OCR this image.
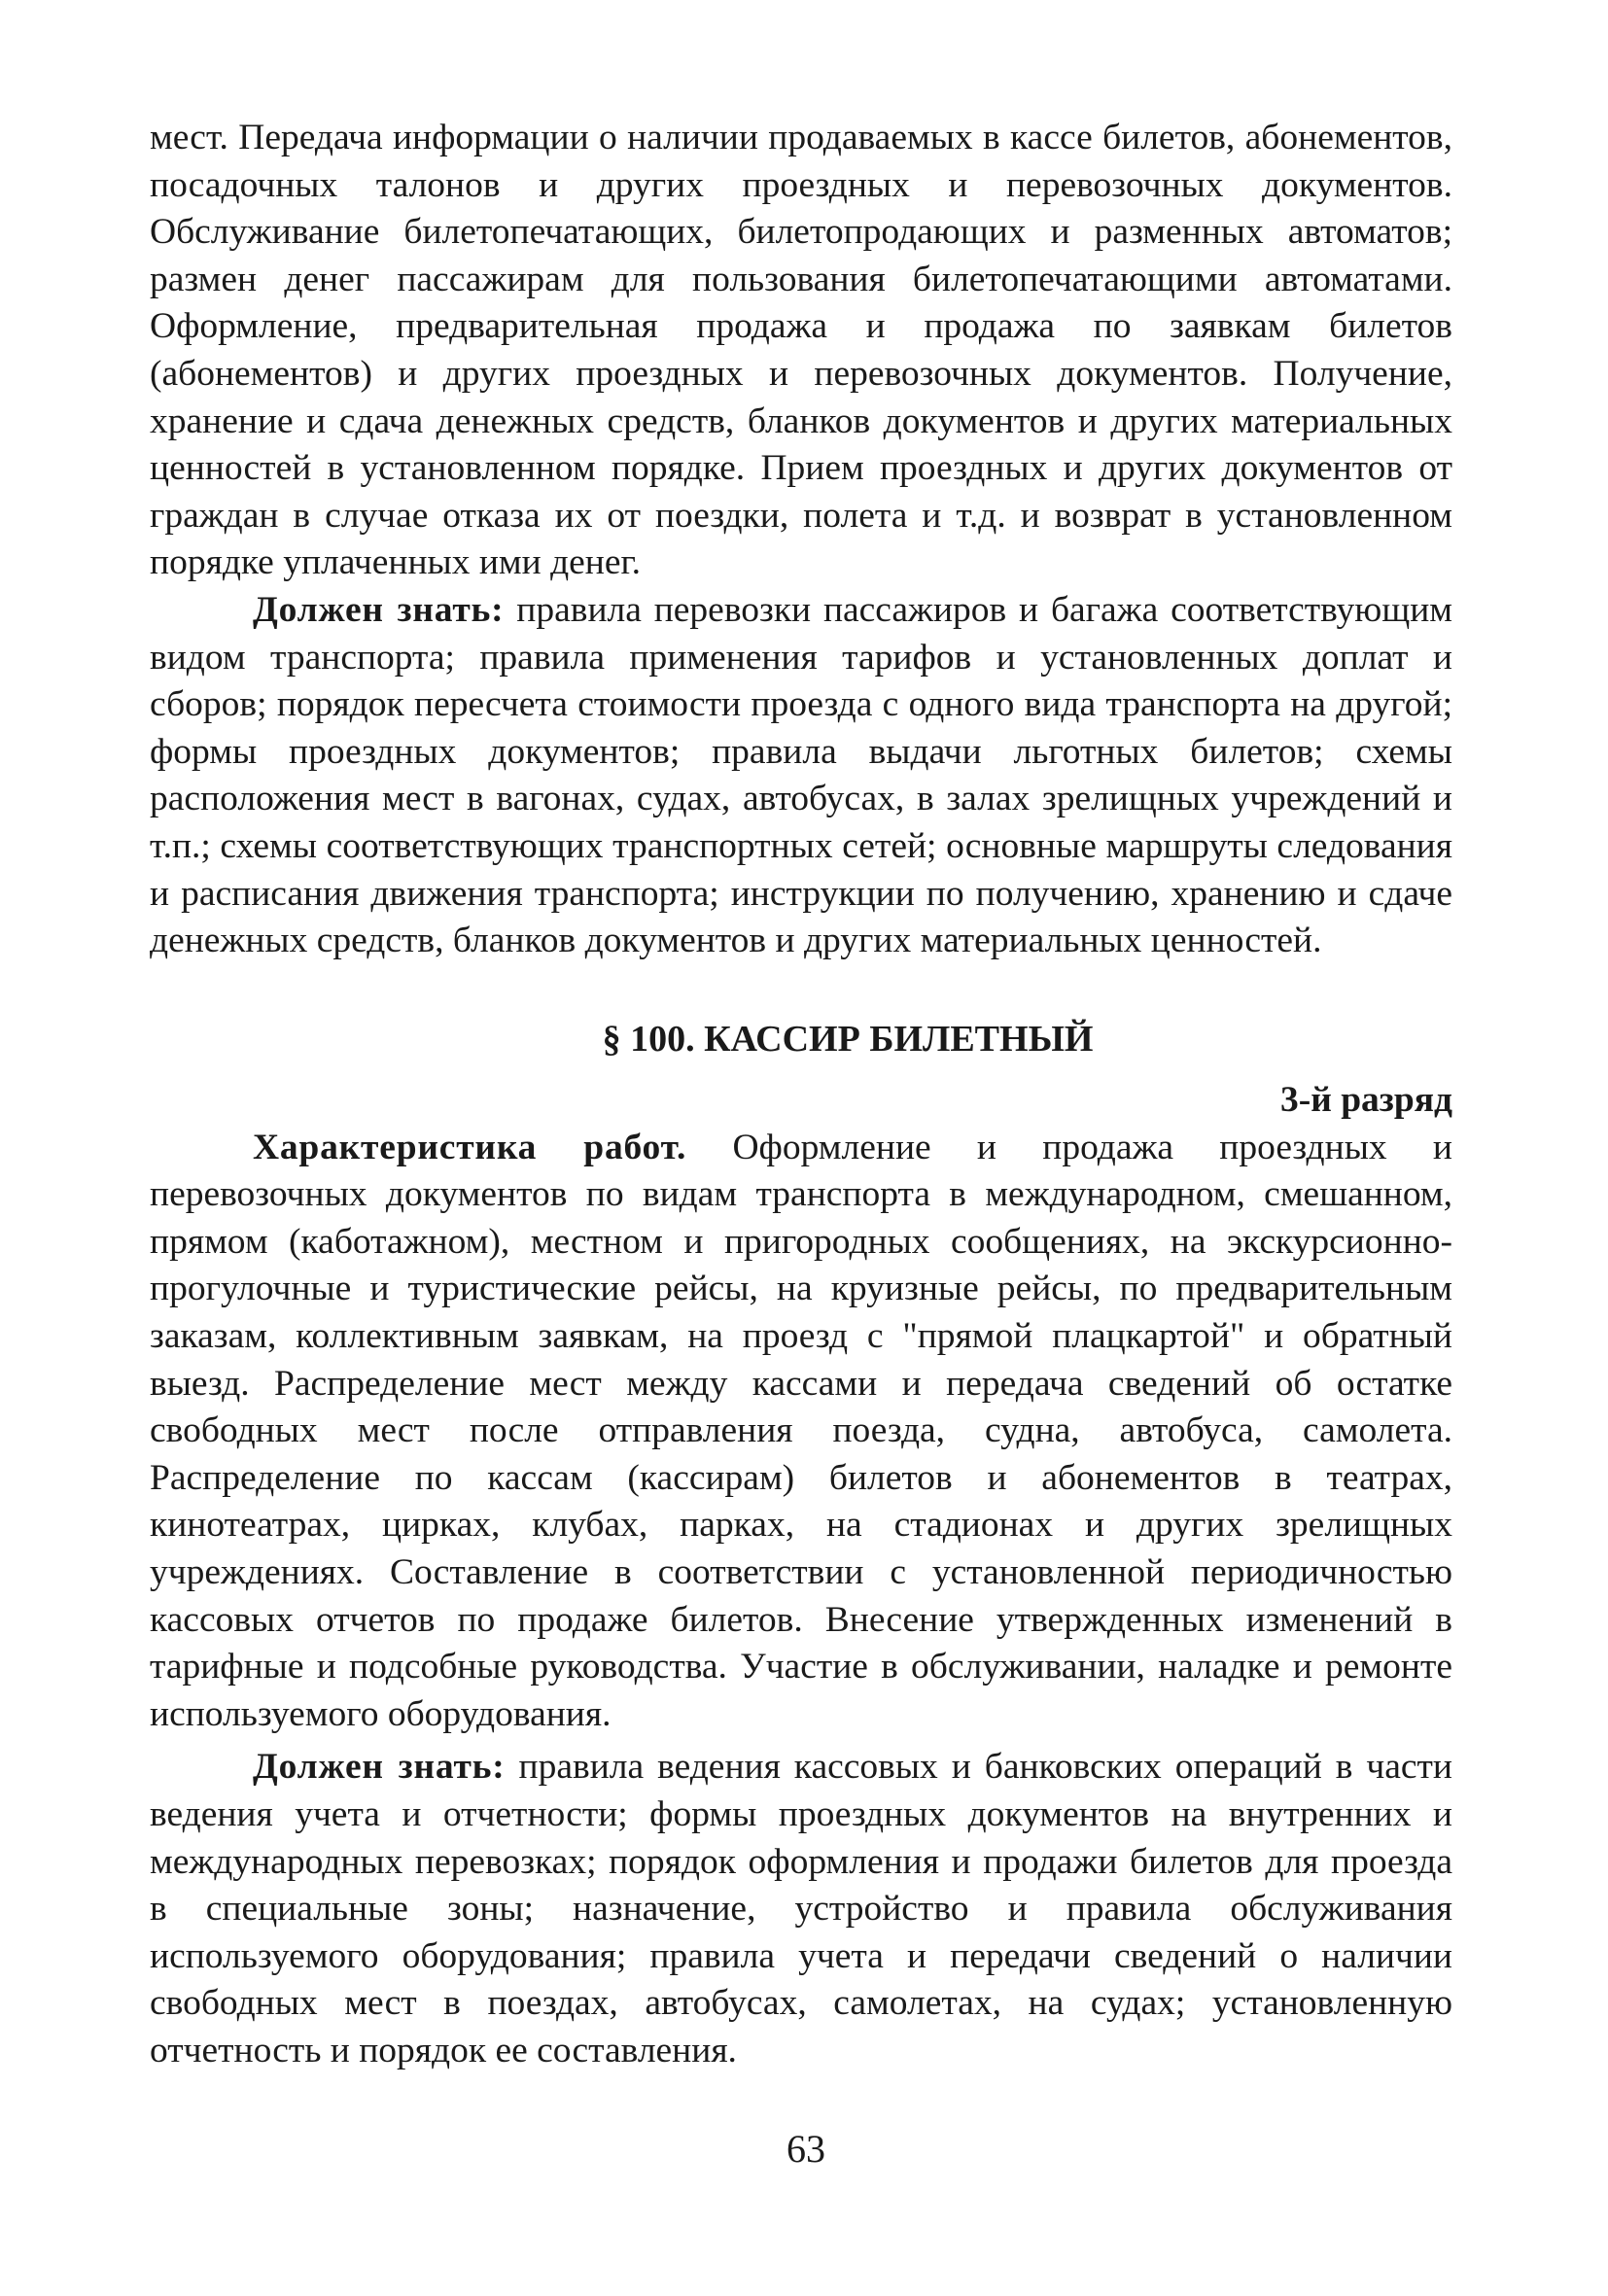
мест. Передача информации о наличии продаваемых в кассе билетов, абонементов, посадочных талонов и других проездных и перевозочных документов. Обслуживание билетопечатающих, билетопродающих и разменных автоматов; размен денег пассажирам для пользования билетопечатающими автоматами. Оформление, предварительная продажа и продажа по заявкам билетов (абонементов) и других проездных и перевозочных документов. Получение, хранение и сдача денежных средств, бланков документов и других материальных ценностей в установленном порядке. Прием проездных и других документов от граждан в случае отказа их от поездки, полета и т.д. и возврат в установленном порядке уплаченных ими денег.

Должен знать: правила перевозки пассажиров и багажа соответствующим видом транспорта; правила применения тарифов и установленных доплат и сборов; порядок пересчета стоимости проезда с одного вида транспорта на другой; формы проездных документов; правила выдачи льготных билетов; схемы расположения мест в вагонах, судах, автобусах, в залах зрелищных учреждений и т.п.; схемы соответствующих транспортных сетей; основные маршруты следования и расписания движения транспорта; инструкции по получению, хранению и сдаче денежных средств, бланков документов и других материальных ценностей.

§ 100. КАССИР БИЛЕТНЫЙ

3-й разряд

Характеристика работ. Оформление и продажа проездных и перевозочных документов по видам транспорта в международном, смешанном, прямом (каботажном), местном и пригородных сообщениях, на экскурсионно-прогулочные и туристические рейсы, на круизные рейсы, по предварительным заказам, коллективным заявкам, на проезд с "прямой плацкартой" и обратный выезд. Распределение мест между кассами и передача сведений об остатке свободных мест после отправления поезда, судна, автобуса, самолета. Распределение по кассам (кассирам) билетов и абонементов в театрах, кинотеатрах, цирках, клубах, парках, на стадионах и других зрелищных учреждениях. Составление в соответствии с установленной периодичностью кассовых отчетов по продаже билетов. Внесение утвержденных изменений в тарифные и подсобные руководства. Участие в обслуживании, наладке и ремонте используемого оборудования.

Должен знать: правила ведения кассовых и банковских операций в части ведения учета и отчетности; формы проездных документов на внутренних и международных перевозках; порядок оформления и продажи билетов для проезда в специальные зоны; назначение, устройство и правила обслуживания используемого оборудования; правила учета и передачи сведений о наличии свободных мест в поездах, автобусах, самолетах, на судах; установленную отчетность и порядок ее составления.

63
